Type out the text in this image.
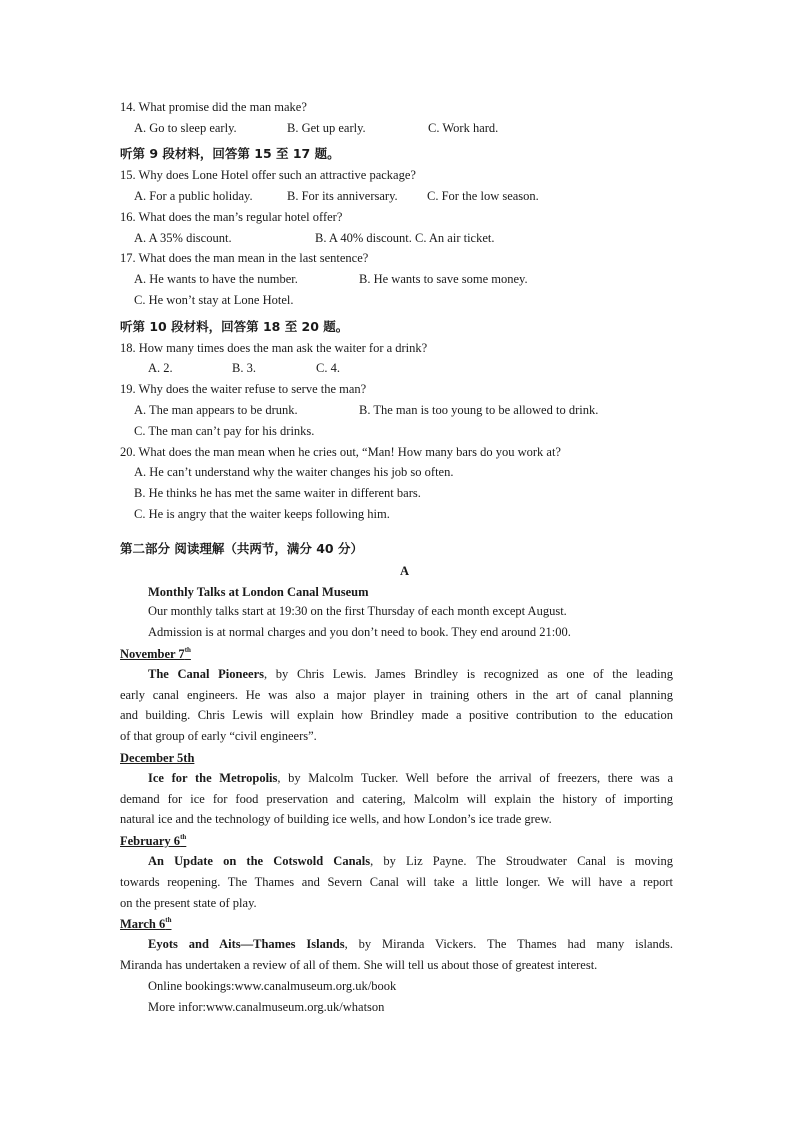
14. What promise did the man make?
A. Go to sleep early.	B. Get up early.	C. Work hard.
听第 9 段材料，回答第 15 至 17 题。
15. Why does Lone Hotel offer such an attractive package?
A. For a public holiday.	B. For its anniversary. C. For the low season.
16. What does the man’s regular hotel offer?
A. A 35% discount.	B. A 40% discount. C. An air ticket.
17. What does the man mean in the last sentence?
A. He wants to have the number.	B. He wants to save some money.
C. He won’t stay at Lone Hotel.
听第 10 段材料，回答第 18 至 20 题。
18. How many times does the man ask the waiter for a drink?
A. 2.	B. 3.	C. 4.
19. Why does the waiter refuse to serve the man?
A. The man appears to be drunk.	B. The man is too young to be allowed to drink.
C. The man can’t pay for his drinks.
20. What does the man mean when he cries out, “Man! How many bars do you work at?
A. He can’t understand why the waiter changes his job so often.
B. He thinks he has met the same waiter in different bars.
C. He is angry that the waiter keeps following him.
第二部分 阅读理解（共两节，满分 40 分）
A
Monthly Talks at London Canal Museum
Our monthly talks start at 19:30 on the first Thursday of each month except August.
Admission is at normal charges and you don’t need to book. They end around 21:00.
November 7th
The Canal Pioneers, by Chris Lewis. James Brindley is recognized as one of the leading
early canal engineers. He was also a major player in training others in the art of canal planning
and building. Chris Lewis will explain how Brindley made a positive contribution to the education
of that group of early “civil engineers”.
December 5th
Ice for the Metropolis, by Malcolm Tucker. Well before the arrival of freezers, there was a
demand for ice for food preservation and catering, Malcolm will explain the history of importing
natural ice and the technology of building ice wells, and how London’s ice trade grew.
February 6th
An Update on the Cotswold Canals, by Liz Payne. The Stroudwater Canal is moving
towards reopening. The Thames and Severn Canal will take a little longer. We will have a report
on the present state of play.
March 6th
Eyots and Aits—Thames Islands, by Miranda Vickers. The Thames had many islands.
Miranda has undertaken a review of all of them. She will tell us about those of greatest interest.
Online bookings:www.canalmuseum.org.uk/book
More infor:www.canalmuseum.org.uk/whatson
